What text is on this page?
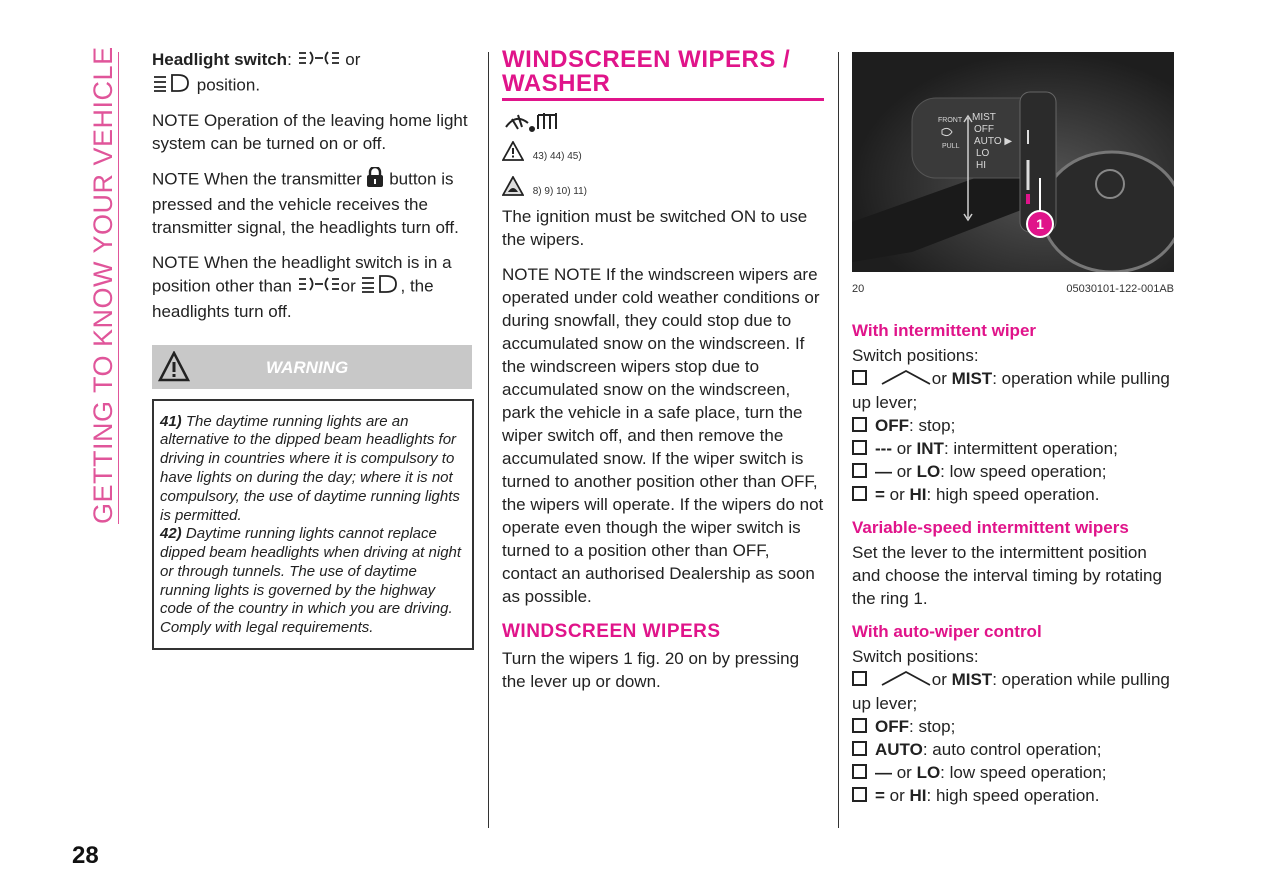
GETTING TO KNOW YOUR VEHICLE
28

Headlight switch:	or
position.

NOTE Operation of the leaving home light system can be turned on or off.

NOTE When the transmitter button is pressed and the vehicle receives the transmitter signal, the headlights turn off.

NOTE When the headlight switch is in a position other than	or	, the headlights turn off.

WARNING
41) The daytime running lights are an alternative to the dipped beam headlights for driving in countries where it is compulsory to have lights on during the day; where it is not compulsory, the use of daytime running lights is permitted.
42) Daytime running lights cannot replace dipped beam headlights when driving at night or through tunnels. The use of daytime running lights is governed by the highway code of the country in which you are driving. Comply with legal requirements.
WINDSCREEN WIPERS / WASHER
43) 44) 45)
8) 9) 10) 11)

The ignition must be switched ON to use the wipers.

NOTE NOTE If the windscreen wipers are operated under cold weather conditions or during snowfall, they could stop due to accumulated snow on the windscreen. If the windscreen wipers stop due to accumulated snow on the windscreen, park the vehicle in a safe place, turn the wiper switch off, and then remove the accumulated snow. If the wiper switch is turned to another position other than OFF, the wipers will operate. If the wipers do not operate even though the wiper switch is turned to a position other than OFF, contact an authorised Dealership as soon as possible.

WINDSCREEN WIPERS

Turn the wipers 1 fig. 20 on by pressing the lever up or down.

FRONT
PULL
MIST
OFF
AUTO ▶
LO
HI
1
20	05030101-122-001AB
With intermittent wiper
Switch positions:
or MIST: operation while pulling up lever;
OFF: stop;
--- or INT: intermittent operation;
— or LO: low speed operation;
= or HI: high speed operation.
Variable-speed intermittent wipers

Set the lever to the intermittent position and choose the interval timing by rotating the ring 1.

With auto-wiper control
Switch positions:
or MIST: operation while pulling up lever;
OFF: stop;
AUTO: auto control operation;
— or LO: low speed operation;
= or HI: high speed operation.
